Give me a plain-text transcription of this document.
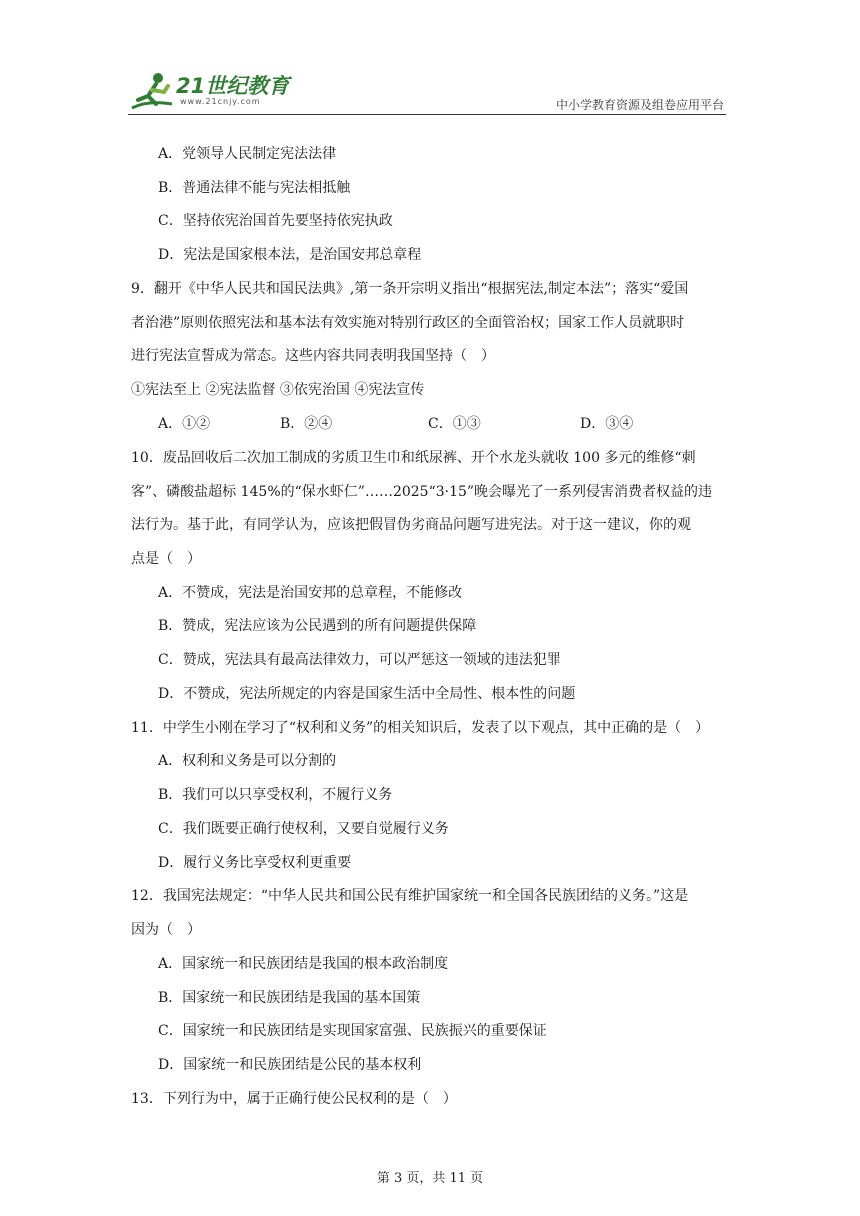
21世纪教育
www.21cnjy.com	中小学教育资源及组卷应用平台
A．党领导人民制定宪法法律
B．普通法律不能与宪法相抵触
C．坚持依宪治国首先要坚持依宪执政
D．宪法是国家根本法，是治国安邦总章程
9．翻开《中华人民共和国民法典》,第一条开宗明义指出“根据宪法,制定本法”；落实“爱国
者治港”原则依照宪法和基本法有效实施对特别行政区的全面管治权；国家工作人员就职时
进行宪法宣誓成为常态。这些内容共同表明我国坚持（　）
①宪法至上 ②宪法监督 ③依宪治国 ④宪法宣传
A．①②	B．②④	C．①③	D．③④
10．废品回收后二次加工制成的劣质卫生巾和纸尿裤、开个水龙头就收 100 多元的维修“刺
客”、磷酸盐超标 145%的“保水虾仁”……2025“3·15”晚会曝光了一系列侵害消费者权益的违
法行为。基于此，有同学认为，应该把假冒伪劣商品问题写进宪法。对于这一建议，你的观
点是（　）
A．不赞成，宪法是治国安邦的总章程，不能修改
B．赞成，宪法应该为公民遇到的所有问题提供保障
C．赞成，宪法具有最高法律效力，可以严惩这一领域的违法犯罪
D．不赞成，宪法所规定的内容是国家生活中全局性、根本性的问题
11．中学生小刚在学习了“权利和义务”的相关知识后，发表了以下观点，其中正确的是（　）
A．权利和义务是可以分割的
B．我们可以只享受权利，不履行义务
C．我们既要正确行使权利，又要自觉履行义务
D．履行义务比享受权利更重要
12．我国宪法规定：“中华人民共和国公民有维护国家统一和全国各民族团结的义务。”这是
因为（　）
A．国家统一和民族团结是我国的根本政治制度
B．国家统一和民族团结是我国的基本国策
C．国家统一和民族团结是实现国家富强、民族振兴的重要保证
D．国家统一和民族团结是公民的基本权利
13．下列行为中，属于正确行使公民权利的是（　）
第 3 页，共 11 页
